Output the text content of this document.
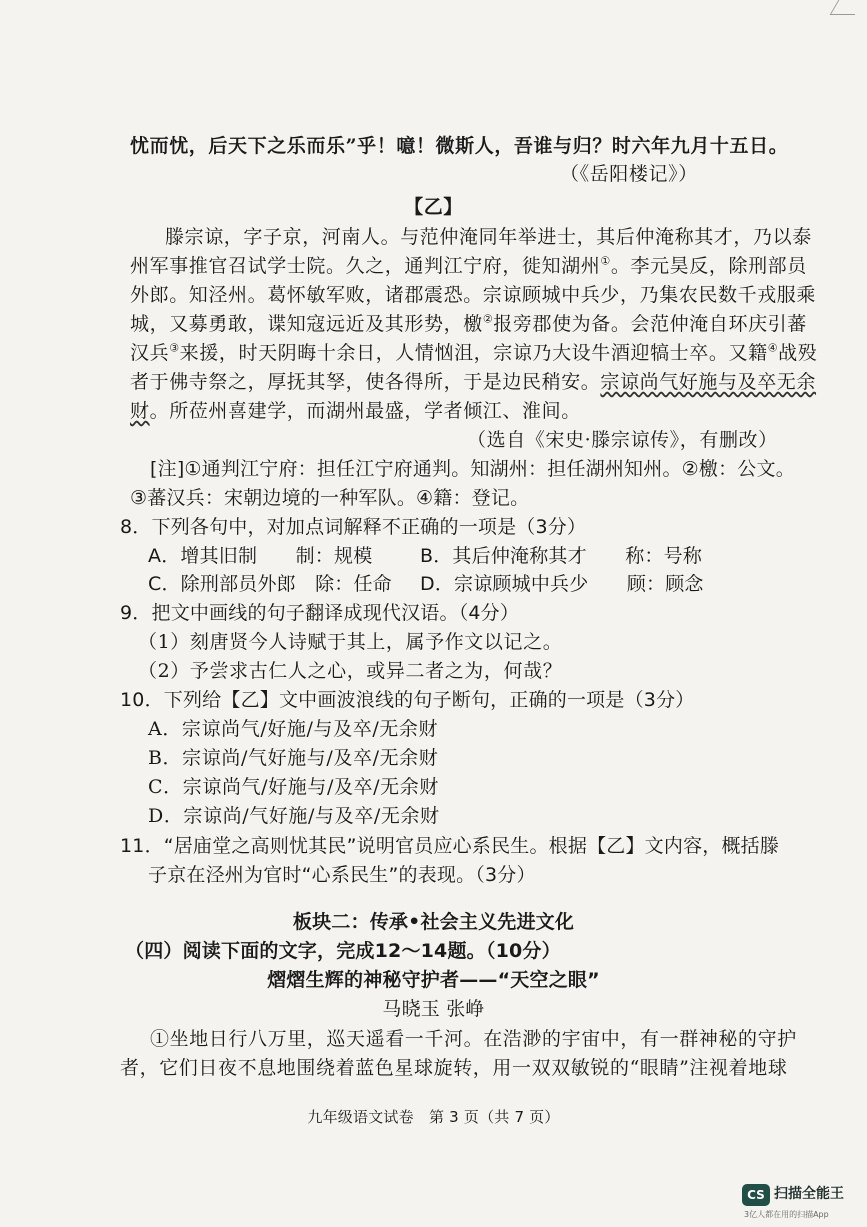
忧而忧，后天下之乐而乐”乎！噫！微斯人，吾谁与归？时六年九月十五日。
（《岳阳楼记》）
【乙】
滕宗谅，字子京，河南人。与范仲淹同年举进士，其后仲淹称其才，乃以泰
州军事推官召试学士院。久之，通判江宁府，徙知湖州①。李元昊反，除刑部员
外郎。知泾州。葛怀敏军败，诸郡震恐。宗谅顾城中兵少，乃集农民数千戎服乘
城，又募勇敢，谍知寇远近及其形势，檄②报旁郡使为备。会范仲淹自环庆引蕃
汉兵③来援，时天阴晦十余日，人情忷沮，宗谅乃大设牛酒迎犒士卒。又籍④战殁
者于佛寺祭之，厚抚其孥，使各得所，于是边民稍安。宗谅尚气好施与及卒无余
财。所莅州喜建学，而湖州最盛，学者倾江、淮间。
（选自《宋史·滕宗谅传》，有删改）
[注]①通判江宁府：担任江宁府通判。知湖州：担任湖州知州。②檄：公文。
③蕃汉兵：宋朝边境的一种军队。④籍：登记。
8．下列各句中，对加点词解释不正确的一项是（3分）
A．增其旧制　　制：规模	B．其后仲淹称其才　　称：号称
C．除刑部员外郎　除：任命 D．宗谅顾城中兵少　　顾：顾念
9．把文中画线的句子翻译成现代汉语。（4分）
（1）刻唐贤今人诗赋于其上，属予作文以记之。
（2）予尝求古仁人之心，或异二者之为，何哉？
10．下列给【乙】文中画波浪线的句子断句，正确的一项是（3分）
A．宗谅尚气/好施/与及卒/无余财
B．宗谅尚/气好施与/及卒/无余财
C．宗谅尚气/好施与/及卒/无余财
D．宗谅尚/气好施/与及卒/无余财
11．“居庙堂之高则忧其民”说明官员应心系民生。根据【乙】文内容，概括滕
子京在泾州为官时“心系民生”的表现。（3分）
板块二：传承•社会主义先进文化
（四）阅读下面的文字，完成12～14题。（10分）
熠熠生辉的神秘守护者——“天空之眼”
马晓玉 张峥
①坐地日行八万里，巡天遥看一千河。在浩渺的宇宙中，有一群神秘的守护
者，它们日夜不息地围绕着蓝色星球旋转，用一双双敏锐的“眼睛”注视着地球
九年级语文试卷　第 3 页（共 7 页）
CS 扫描全能王
3亿人都在用的扫描App
